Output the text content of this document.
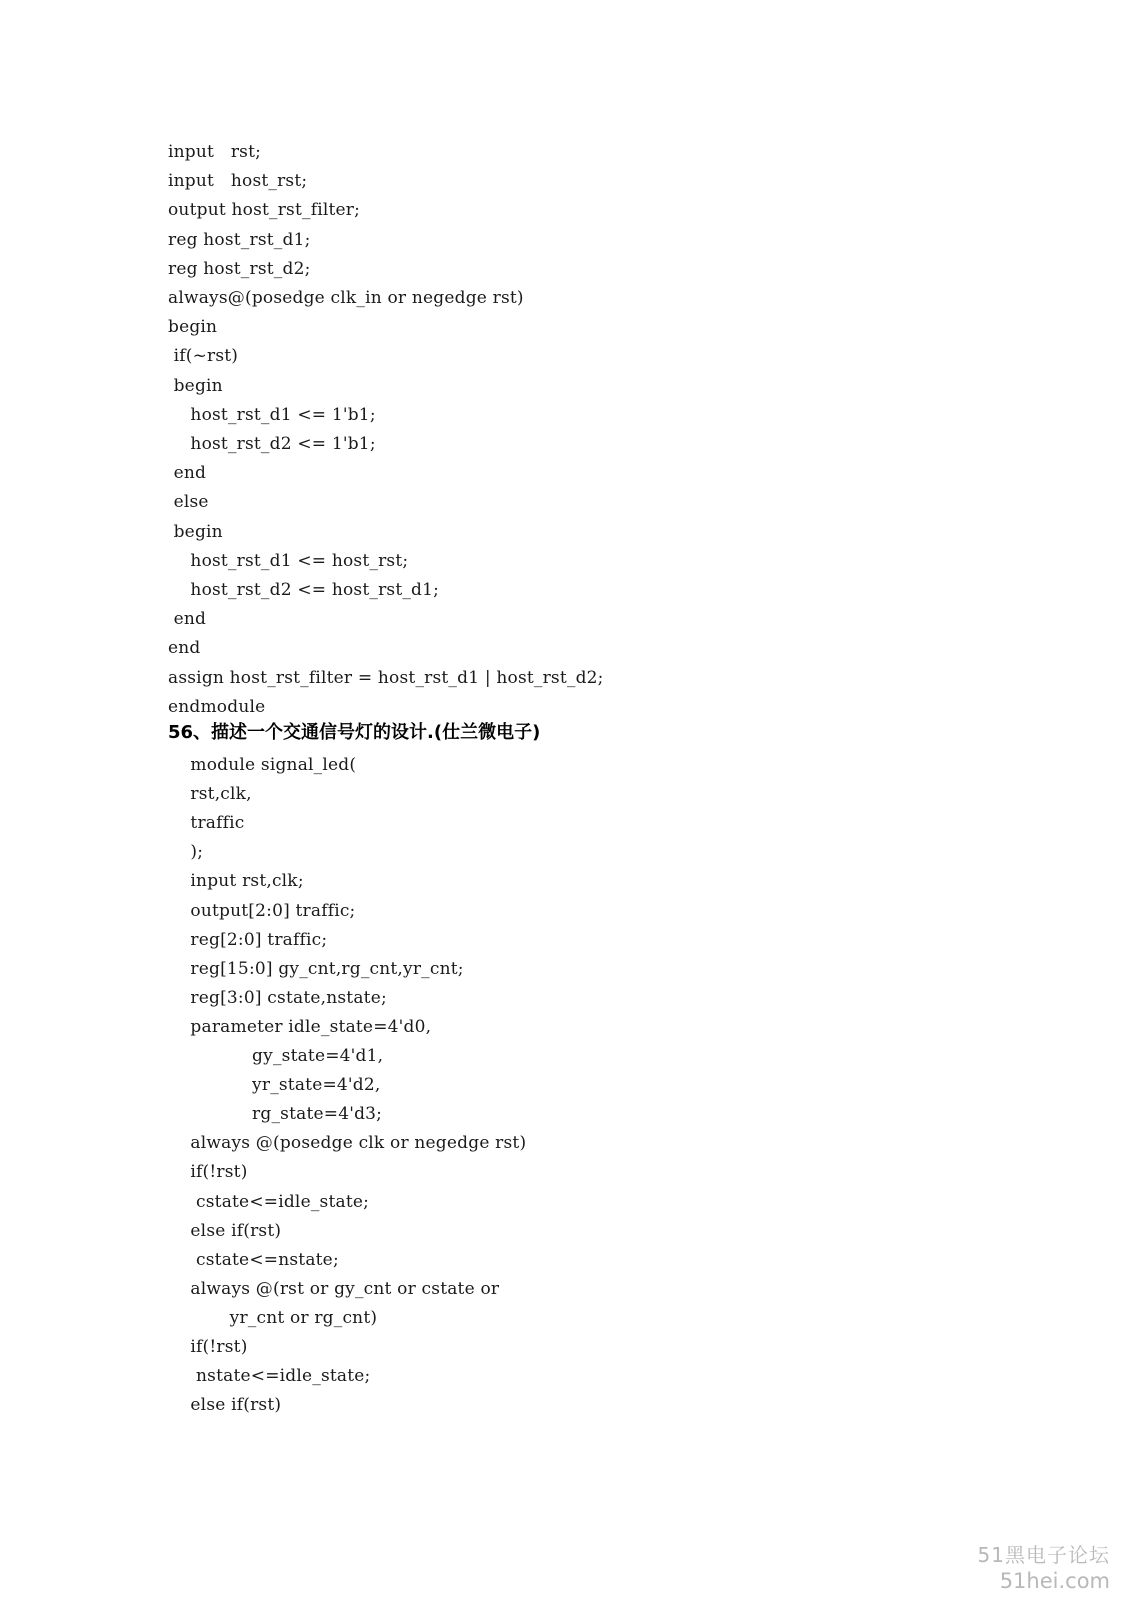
input   rst;
input   host_rst;
output host_rst_filter;
reg host_rst_d1;
reg host_rst_d2;
always@(posedge clk_in or negedge rst)
begin
if(~rst)
begin
host_rst_d1 <= 1'b1;
host_rst_d2 <= 1'b1;
end
else
begin
host_rst_d1 <= host_rst;
host_rst_d2 <= host_rst_d1;
end
end
assign host_rst_filter = host_rst_d1 | host_rst_d2;
endmodule
56、描述一个交通信号灯的设计.(仕兰微电子)
module signal_led(
rst,clk,
traffic
);
input rst,clk;
output[2:0] traffic;
reg[2:0] traffic;
reg[15:0] gy_cnt,rg_cnt,yr_cnt;
reg[3:0] cstate,nstate;
parameter idle_state=4'd0,
gy_state=4'd1,
yr_state=4'd2,
rg_state=4'd3;
always @(posedge clk or negedge rst)
if(!rst)
cstate<=idle_state;
else if(rst)
cstate<=nstate;
always @(rst or gy_cnt or cstate or
yr_cnt or rg_cnt)
if(!rst)
nstate<=idle_state;
else if(rst)
51黑电子论坛
51hei.com
